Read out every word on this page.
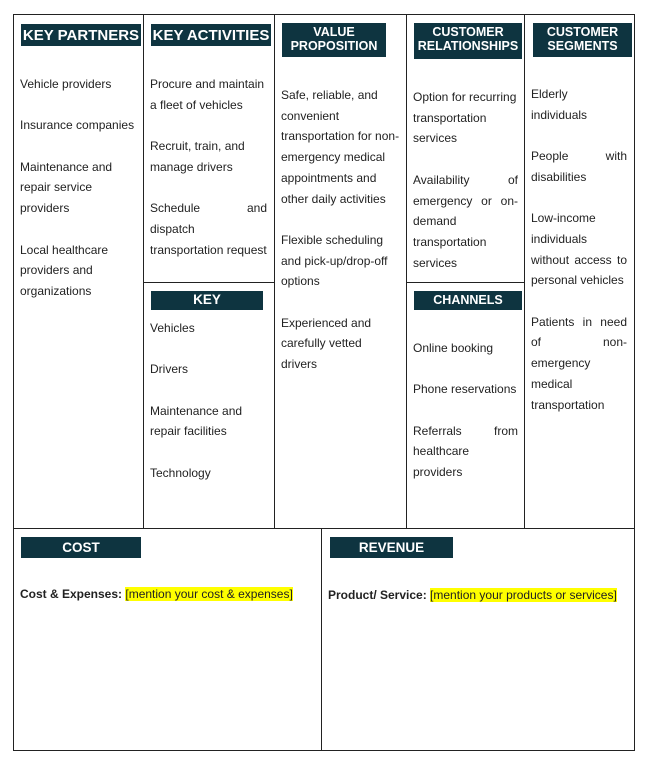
KEY PARTNERS
Vehicle providers
Insurance companies
Maintenance and repair service providers
Local healthcare providers and organizations
KEY ACTIVITIES
Procure and maintain a fleet of vehicles
Recruit, train, and manage drivers
Schedule and dispatch transportation request
KEY RESOURCES
Vehicles
Drivers
Maintenance and repair facilities
Technology
VALUE
PROPOSITION
Safe, reliable, and convenient transportation for non-emergency medical appointments and other daily activities
Flexible scheduling and pick-up/drop-off options
Experienced and carefully vetted drivers
CUSTOMER
RELATIONSHIPS
Option for recurring transportation services
Availability of emergency or on-demand transportation services
CHANNELS
Online booking
Phone reservations
Referrals from healthcare providers
CUSTOMER
SEGMENTS
Elderly individuals
People with disabilities
Low-income individuals without access to personal vehicles
Patients in need of non-emergency medical transportation
COST STRUCTURE
Cost & Expenses: [mention your cost & expenses]
REVENUE
Product/ Service: [mention your products or services]
